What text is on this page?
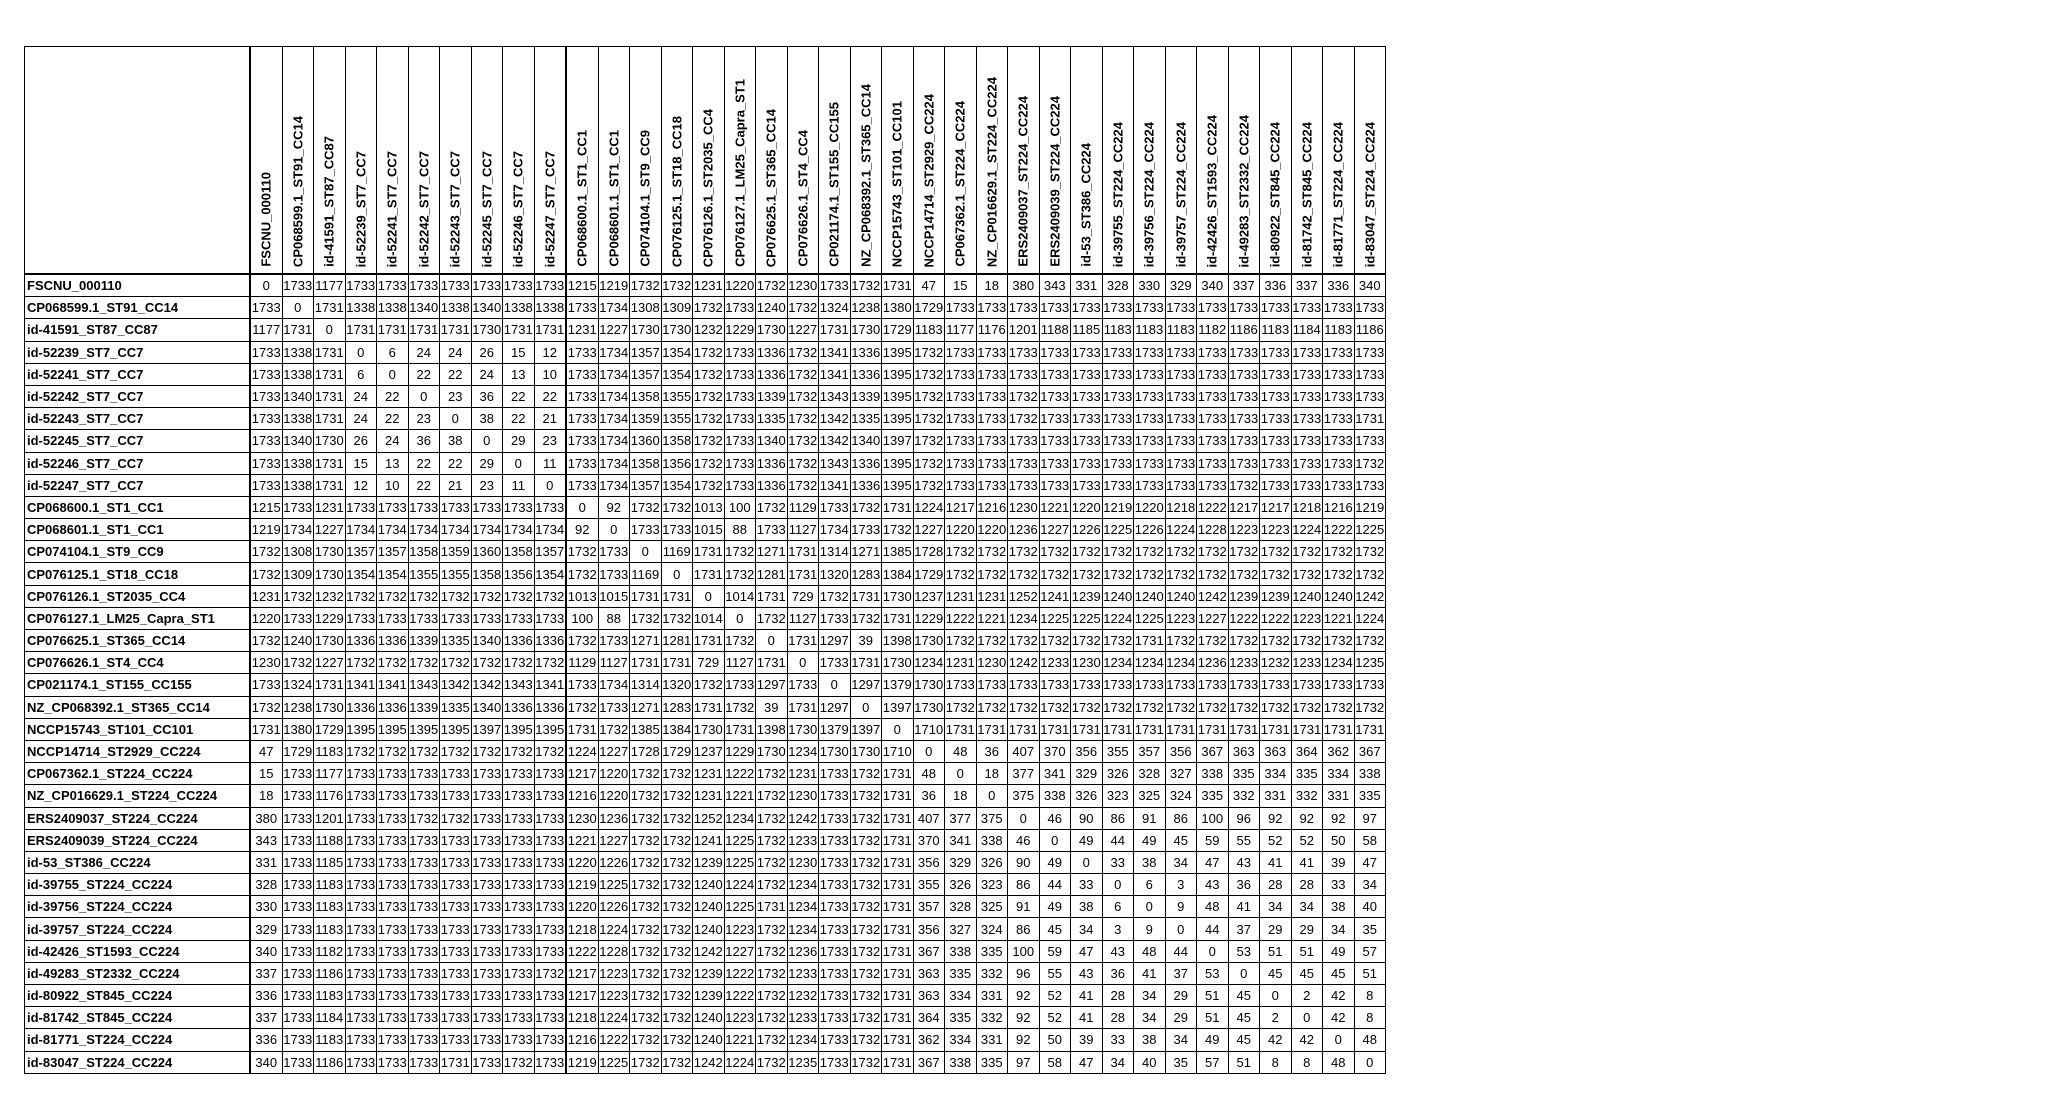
	FSCNU_000110	CP068599.1_ST91_CC14	id-41591_ST87_CC87	id-52239_ST7_CC7	id-52241_ST7_CC7	id-52242_ST7_CC7	id-52243_ST7_CC7	id-52245_ST7_CC7	id-52246_ST7_CC7	id-52247_ST7_CC7	CP068600.1_ST1_CC1	CP068601.1_ST1_CC1	CP074104.1_ST9_CC9	CP076125.1_ST18_CC18	CP076126.1_ST2035_CC4	CP076127.1_LM25_Capra_ST1	CP076625.1_ST365_CC14	CP076626.1_ST4_CC4	CP021174.1_ST155_CC155	NZ_CP068392.1_ST365_CC14	NCCP15743_ST101_CC101	NCCP14714_ST2929_CC224	CP067362.1_ST224_CC224	NZ_CP016629.1_ST224_CC224	ERS2409037_ST224_CC224	ERS2409039_ST224_CC224	id-53_ST386_CC224	id-39755_ST224_CC224	id-39756_ST224_CC224	id-39757_ST224_CC224	id-42426_ST1593_CC224	id-49283_ST2332_CC224	id-80922_ST845_CC224	id-81742_ST845_CC224	id-81771_ST224_CC224	id-83047_ST224_CC224

FSCNU_000110	0	1733	1177	1733	1733	1733	1733	1733	1733	1733	1215	1219	1732	1732	1231	1220	1732	1230	1733	1732	1731	47	15	18	380	343	331	328	330	329	340	337	336	337	336	340
CP068599.1_ST91_CC14	1733	0	1731	1338	1338	1340	1338	1340	1338	1338	1733	1734	1308	1309	1732	1733	1240	1732	1324	1238	1380	1729	1733	1733	1733	1733	1733	1733	1733	1733	1733	1733	1733	1733	1733	1733
id-41591_ST87_CC87	1177	1731	0	1731	1731	1731	1731	1730	1731	1731	1231	1227	1730	1730	1232	1229	1730	1227	1731	1730	1729	1183	1177	1176	1201	1188	1185	1183	1183	1183	1182	1186	1183	1184	1183	1186
id-52239_ST7_CC7	1733	1338	1731	0	6	24	24	26	15	12	1733	1734	1357	1354	1732	1733	1336	1732	1341	1336	1395	1732	1733	1733	1733	1733	1733	1733	1733	1733	1733	1733	1733	1733	1733	1733
id-52241_ST7_CC7	1733	1338	1731	6	0	22	22	24	13	10	1733	1734	1357	1354	1732	1733	1336	1732	1341	1336	1395	1732	1733	1733	1733	1733	1733	1733	1733	1733	1733	1733	1733	1733	1733	1733
id-52242_ST7_CC7	1733	1340	1731	24	22	0	23	36	22	22	1733	1734	1358	1355	1732	1733	1339	1732	1343	1339	1395	1732	1733	1733	1732	1733	1733	1733	1733	1733	1733	1733	1733	1733	1733	1733
id-52243_ST7_CC7	1733	1338	1731	24	22	23	0	38	22	21	1733	1734	1359	1355	1732	1733	1335	1732	1342	1335	1395	1732	1733	1733	1732	1733	1733	1733	1733	1733	1733	1733	1733	1733	1733	1731
id-52245_ST7_CC7	1733	1340	1730	26	24	36	38	0	29	23	1733	1734	1360	1358	1732	1733	1340	1732	1342	1340	1397	1732	1733	1733	1733	1733	1733	1733	1733	1733	1733	1733	1733	1733	1733	1733
id-52246_ST7_CC7	1733	1338	1731	15	13	22	22	29	0	11	1733	1734	1358	1356	1732	1733	1336	1732	1343	1336	1395	1732	1733	1733	1733	1733	1733	1733	1733	1733	1733	1733	1733	1733	1733	1732
id-52247_ST7_CC7	1733	1338	1731	12	10	22	21	23	11	0	1733	1734	1357	1354	1732	1733	1336	1732	1341	1336	1395	1732	1733	1733	1733	1733	1733	1733	1733	1733	1733	1732	1733	1733	1733	1733
CP068600.1_ST1_CC1	1215	1733	1231	1733	1733	1733	1733	1733	1733	1733	0	92	1732	1732	1013	100	1732	1129	1733	1732	1731	1224	1217	1216	1230	1221	1220	1219	1220	1218	1222	1217	1217	1218	1216	1219
CP068601.1_ST1_CC1	1219	1734	1227	1734	1734	1734	1734	1734	1734	1734	92	0	1733	1733	1015	88	1733	1127	1734	1733	1732	1227	1220	1220	1236	1227	1226	1225	1226	1224	1228	1223	1223	1224	1222	1225
CP074104.1_ST9_CC9	1732	1308	1730	1357	1357	1358	1359	1360	1358	1357	1732	1733	0	1169	1731	1732	1271	1731	1314	1271	1385	1728	1732	1732	1732	1732	1732	1732	1732	1732	1732	1732	1732	1732	1732	1732
CP076125.1_ST18_CC18	1732	1309	1730	1354	1354	1355	1355	1358	1356	1354	1732	1733	1169	0	1731	1732	1281	1731	1320	1283	1384	1729	1732	1732	1732	1732	1732	1732	1732	1732	1732	1732	1732	1732	1732	1732
CP076126.1_ST2035_CC4	1231	1732	1232	1732	1732	1732	1732	1732	1732	1732	1013	1015	1731	1731	0	1014	1731	729	1732	1731	1730	1237	1231	1231	1252	1241	1239	1240	1240	1240	1242	1239	1239	1240	1240	1242
CP076127.1_LM25_Capra_ST1	1220	1733	1229	1733	1733	1733	1733	1733	1733	1733	100	88	1732	1732	1014	0	1732	1127	1733	1732	1731	1229	1222	1221	1234	1225	1225	1224	1225	1223	1227	1222	1222	1223	1221	1224
CP076625.1_ST365_CC14	1732	1240	1730	1336	1336	1339	1335	1340	1336	1336	1732	1733	1271	1281	1731	1732	0	1731	1297	39	1398	1730	1732	1732	1732	1732	1732	1732	1731	1732	1732	1732	1732	1732	1732	1732
CP076626.1_ST4_CC4	1230	1732	1227	1732	1732	1732	1732	1732	1732	1732	1129	1127	1731	1731	729	1127	1731	0	1733	1731	1730	1234	1231	1230	1242	1233	1230	1234	1234	1234	1236	1233	1232	1233	1234	1235
CP021174.1_ST155_CC155	1733	1324	1731	1341	1341	1343	1342	1342	1343	1341	1733	1734	1314	1320	1732	1733	1297	1733	0	1297	1379	1730	1733	1733	1733	1733	1733	1733	1733	1733	1733	1733	1733	1733	1733	1733
NZ_CP068392.1_ST365_CC14	1732	1238	1730	1336	1336	1339	1335	1340	1336	1336	1732	1733	1271	1283	1731	1732	39	1731	1297	0	1397	1730	1732	1732	1732	1732	1732	1732	1732	1732	1732	1732	1732	1732	1732	1732
NCCP15743_ST101_CC101	1731	1380	1729	1395	1395	1395	1395	1397	1395	1395	1731	1732	1385	1384	1730	1731	1398	1730	1379	1397	0	1710	1731	1731	1731	1731	1731	1731	1731	1731	1731	1731	1731	1731	1731	1731
NCCP14714_ST2929_CC224	47	1729	1183	1732	1732	1732	1732	1732	1732	1732	1224	1227	1728	1729	1237	1229	1730	1234	1730	1730	1710	0	48	36	407	370	356	355	357	356	367	363	363	364	362	367
CP067362.1_ST224_CC224	15	1733	1177	1733	1733	1733	1733	1733	1733	1733	1217	1220	1732	1732	1231	1222	1732	1231	1733	1732	1731	48	0	18	377	341	329	326	328	327	338	335	334	335	334	338
NZ_CP016629.1_ST224_CC224	18	1733	1176	1733	1733	1733	1733	1733	1733	1733	1216	1220	1732	1732	1231	1221	1732	1230	1733	1732	1731	36	18	0	375	338	326	323	325	324	335	332	331	332	331	335
ERS2409037_ST224_CC224	380	1733	1201	1733	1733	1732	1732	1733	1733	1733	1230	1236	1732	1732	1252	1234	1732	1242	1733	1732	1731	407	377	375	0	46	90	86	91	86	100	96	92	92	92	97
ERS2409039_ST224_CC224	343	1733	1188	1733	1733	1733	1733	1733	1733	1733	1221	1227	1732	1732	1241	1225	1732	1233	1733	1732	1731	370	341	338	46	0	49	44	49	45	59	55	52	52	50	58
id-53_ST386_CC224	331	1733	1185	1733	1733	1733	1733	1733	1733	1733	1220	1226	1732	1732	1239	1225	1732	1230	1733	1732	1731	356	329	326	90	49	0	33	38	34	47	43	41	41	39	47
id-39755_ST224_CC224	328	1733	1183	1733	1733	1733	1733	1733	1733	1733	1219	1225	1732	1732	1240	1224	1732	1234	1733	1732	1731	355	326	323	86	44	33	0	6	3	43	36	28	28	33	34
id-39756_ST224_CC224	330	1733	1183	1733	1733	1733	1733	1733	1733	1733	1220	1226	1732	1732	1240	1225	1731	1234	1733	1732	1731	357	328	325	91	49	38	6	0	9	48	41	34	34	38	40
id-39757_ST224_CC224	329	1733	1183	1733	1733	1733	1733	1733	1733	1733	1218	1224	1732	1732	1240	1223	1732	1234	1733	1732	1731	356	327	324	86	45	34	3	9	0	44	37	29	29	34	35
id-42426_ST1593_CC224	340	1733	1182	1733	1733	1733	1733	1733	1733	1733	1222	1228	1732	1732	1242	1227	1732	1236	1733	1732	1731	367	338	335	100	59	47	43	48	44	0	53	51	51	49	57
id-49283_ST2332_CC224	337	1733	1186	1733	1733	1733	1733	1733	1733	1732	1217	1223	1732	1732	1239	1222	1732	1233	1733	1732	1731	363	335	332	96	55	43	36	41	37	53	0	45	45	45	51
id-80922_ST845_CC224	336	1733	1183	1733	1733	1733	1733	1733	1733	1733	1217	1223	1732	1732	1239	1222	1732	1232	1733	1732	1731	363	334	331	92	52	41	28	34	29	51	45	0	2	42	8
id-81742_ST845_CC224	337	1733	1184	1733	1733	1733	1733	1733	1733	1733	1218	1224	1732	1732	1240	1223	1732	1233	1733	1732	1731	364	335	332	92	52	41	28	34	29	51	45	2	0	42	8
id-81771_ST224_CC224	336	1733	1183	1733	1733	1733	1733	1733	1733	1733	1216	1222	1732	1732	1240	1221	1732	1234	1733	1732	1731	362	334	331	92	50	39	33	38	34	49	45	42	42	0	48
id-83047_ST224_CC224	340	1733	1186	1733	1733	1733	1731	1733	1732	1733	1219	1225	1732	1732	1242	1224	1732	1235	1733	1732	1731	367	338	335	97	58	47	34	40	35	57	51	8	8	48	0
